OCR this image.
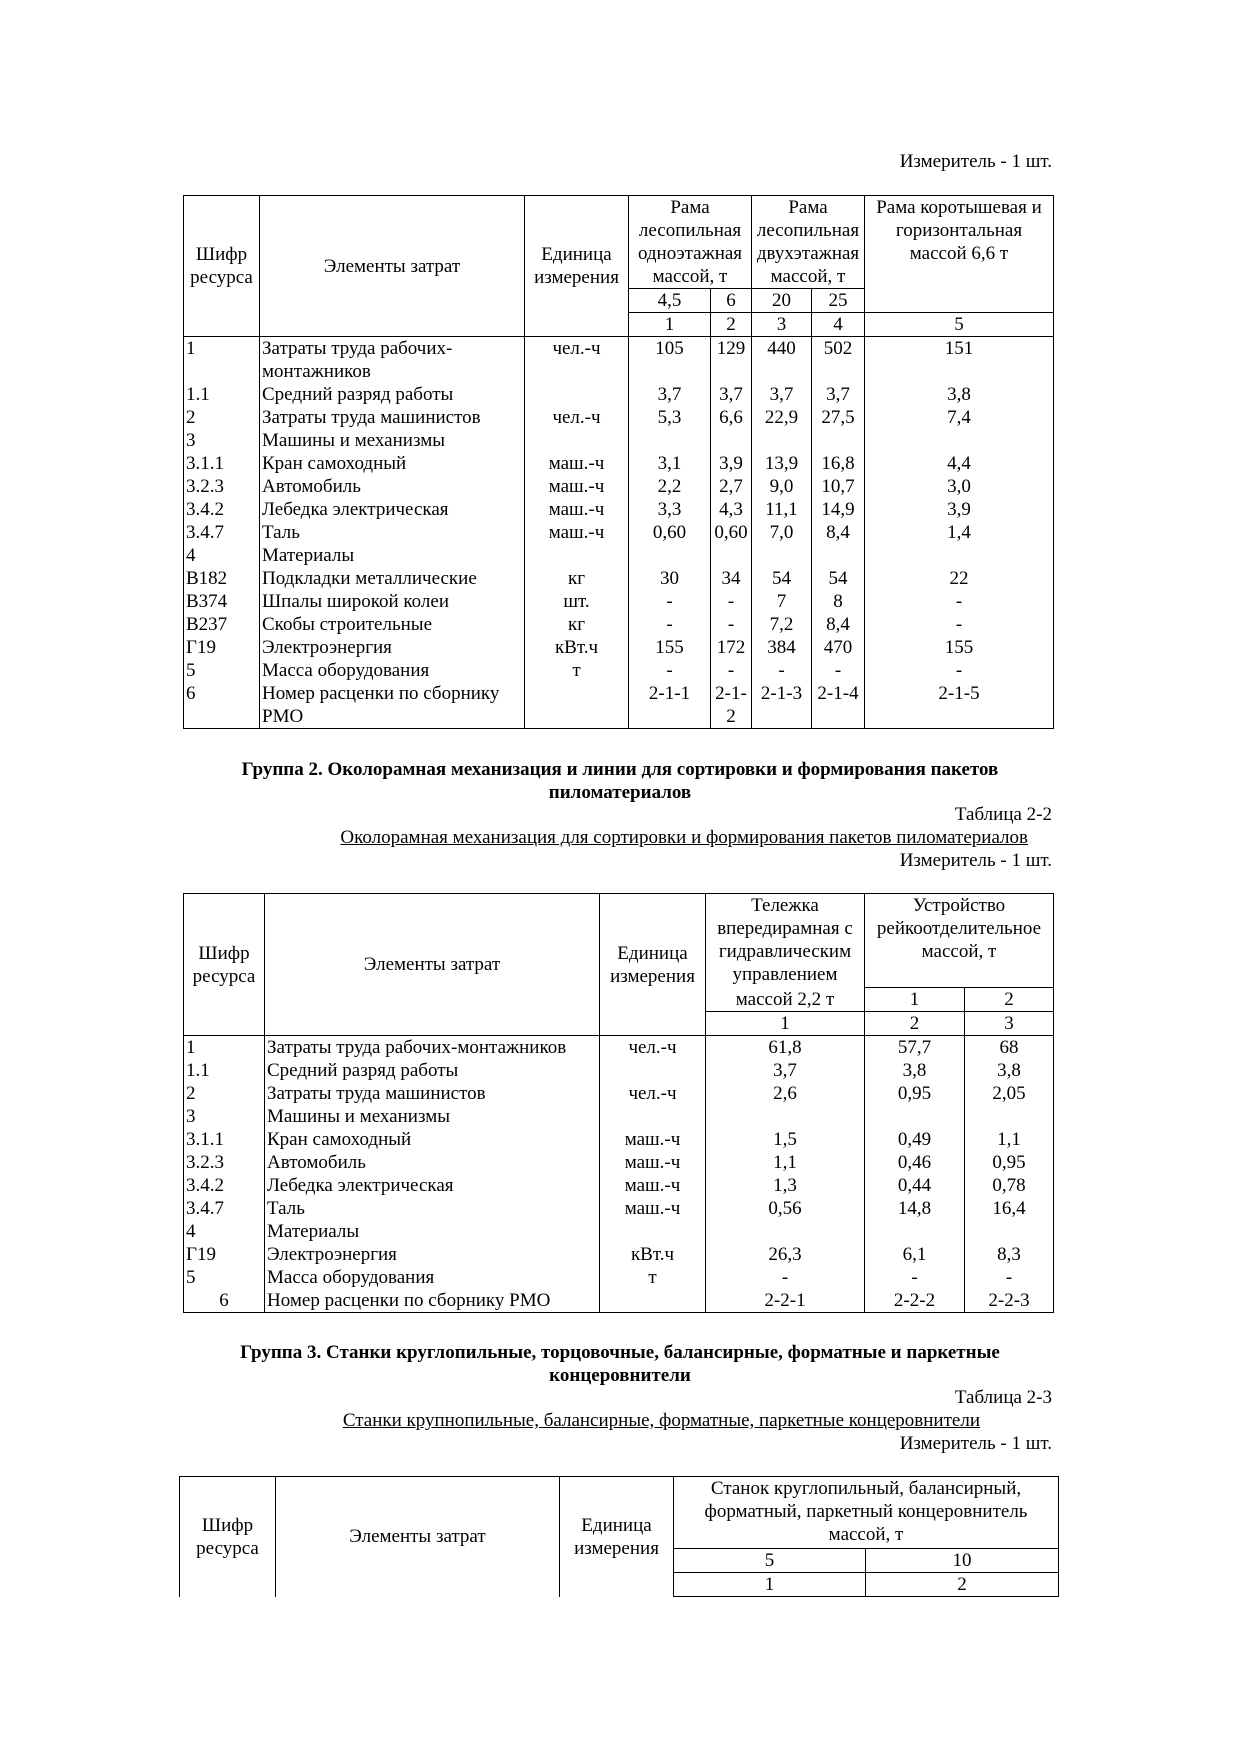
Измеритель - 1 шт.
Шифр ресурса	Элементы затрат	Единица измерения	Рама лесопильная одноэтажная массой, т		Рама лесопильная двухэтажная массой, т		Рама коротышевая и горизонтальная массой 6,6 т
			4,5	6	20	25	
			1	2	3	4	5
1	Затраты труда рабочих-монтажников	чел.-ч	105	129	440	502	151
1.1	Средний разряд работы		3,7	3,7	3,7	3,7	3,8
2	Затраты труда машинистов	чел.-ч	5,3	6,6	22,9	27,5	7,4
3	Машины и механизмы						
3.1.1	Кран самоходный	маш.-ч	3,1	3,9	13,9	16,8	4,4
3.2.3	Автомобиль	маш.-ч	2,2	2,7	9,0	10,7	3,0
3.4.2	Лебедка электрическая	маш.-ч	3,3	4,3	11,1	14,9	3,9
3.4.7	Таль	маш.-ч	0,60	0,60	7,0	8,4	1,4
4	Материалы						
В182	Подкладки металлические	кг	30	34	54	54	22
В374	Шпалы широкой колеи	шт.	-	-	7	8	-
В237	Скобы строительные	кг	-	-	7,2	8,4	-
Г19	Электроэнергия	кВт.ч	155	172	384	470	155
5	Масса оборудования	т	-	-	-	-	-
6	Номер расценки по сборнику РМО		2-1-1	2-1-2	2-1-3	2-1-4	2-1-5
Группа 2. Околорамная механизация и линии для сортировки и формирования пакетов пиломатериалов
Таблица 2-2
Околорамная механизация для сортировки и формирования пакетов пиломатериалов
Измеритель - 1 шт.
Шифр ресурса	Элементы затрат	Единица измерения	Тележка впередирамная с гидравлическим управлением	Устройство рейкоотделительное массой, т	
			массой 2,2 т	1	2
			1	2	3
1	Затраты труда рабочих-монтажников	чел.-ч	61,8	57,7	68
1.1	Средний разряд работы		3,7	3,8	3,8
2	Затраты труда машинистов	чел.-ч	2,6	0,95	2,05
3	Машины и механизмы				
3.1.1	Кран самоходный	маш.-ч	1,5	0,49	1,1
3.2.3	Автомобиль	маш.-ч	1,1	0,46	0,95
3.4.2	Лебедка электрическая	маш.-ч	1,3	0,44	0,78
3.4.7	Таль	маш.-ч	0,56	14,8	16,4
4	Материалы				
Г19	Электроэнергия	кВт.ч	26,3	6,1	8,3
5	Масса оборудования	т	-	-	-
6	Номер расценки по сборнику РМО		2-2-1	2-2-2	2-2-3
Группа 3. Станки круглопильные, торцовочные, балансирные, форматные и паркетные концеровнители
Таблица 2-3
Станки крупнопильные, балансирные, форматные, паркетные концеровнители
Измеритель - 1 шт.
Шифр ресурса	Элементы затрат	Единица измерения	Станок круглопильный, балансирный, форматный, паркетный концеровнитель массой, т	
			5	10
			1	2
